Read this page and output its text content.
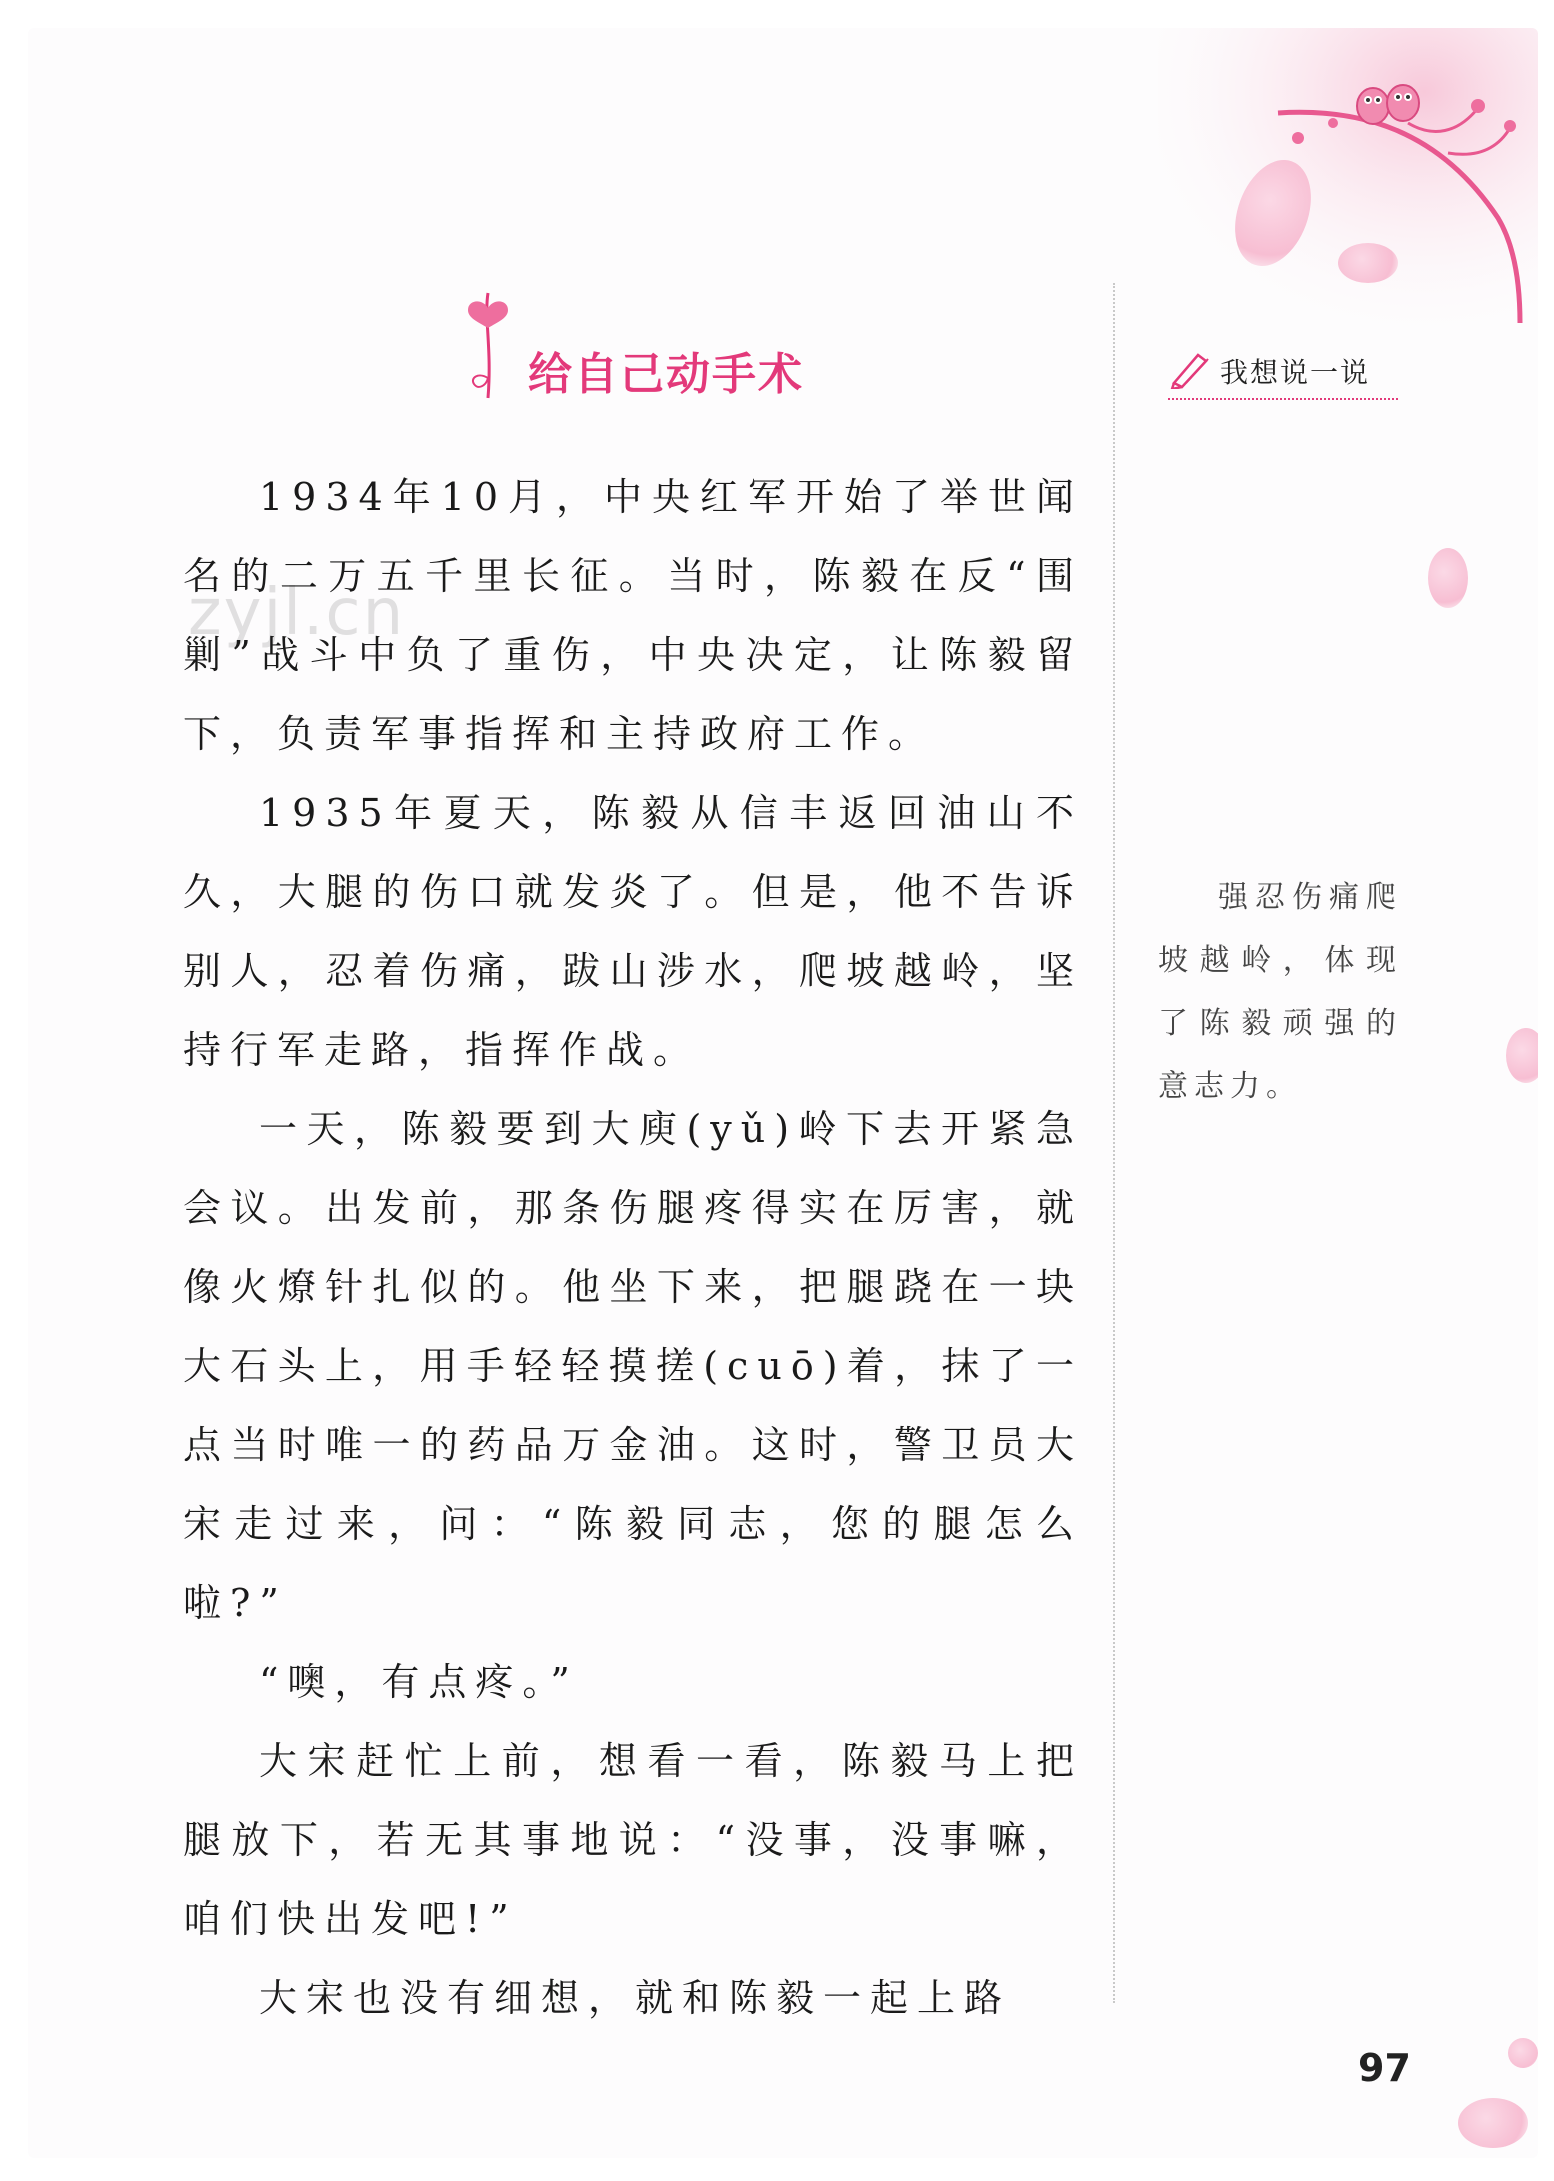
给自己动手术
zyjl.cn

1934年10月，中央红军开始了举世闻名的二万五千里长征。当时，陈毅在反“围剿”战斗中负了重伤，中央决定，让陈毅留下，负责军事指挥和主持政府工作。

1935年夏天，陈毅从信丰返回油山不久，大腿的伤口就发炎了。但是，他不告诉别人，忍着伤痛，跋山涉水，爬坡越岭，坚持行军走路，指挥作战。

一天，陈毅要到大庾(yǔ)岭下去开紧急会议。出发前，那条伤腿疼得实在厉害，就像火燎针扎似的。他坐下来，把腿跷在一块大石头上，用手轻轻摸搓(cuō)着，抹了一点当时唯一的药品万金油。这时，警卫员大宋走过来，问：“陈毅同志，您的腿怎么啦?”

“噢，有点疼。”

大宋赶忙上前，想看一看，陈毅马上把腿放下，若无其事地说：“没事，没事嘛，咱们快出发吧!”

大宋也没有细想，就和陈毅一起上路

我想说一说
强忍伤痛爬坡越岭，体现了陈毅顽强的意志力。
97
